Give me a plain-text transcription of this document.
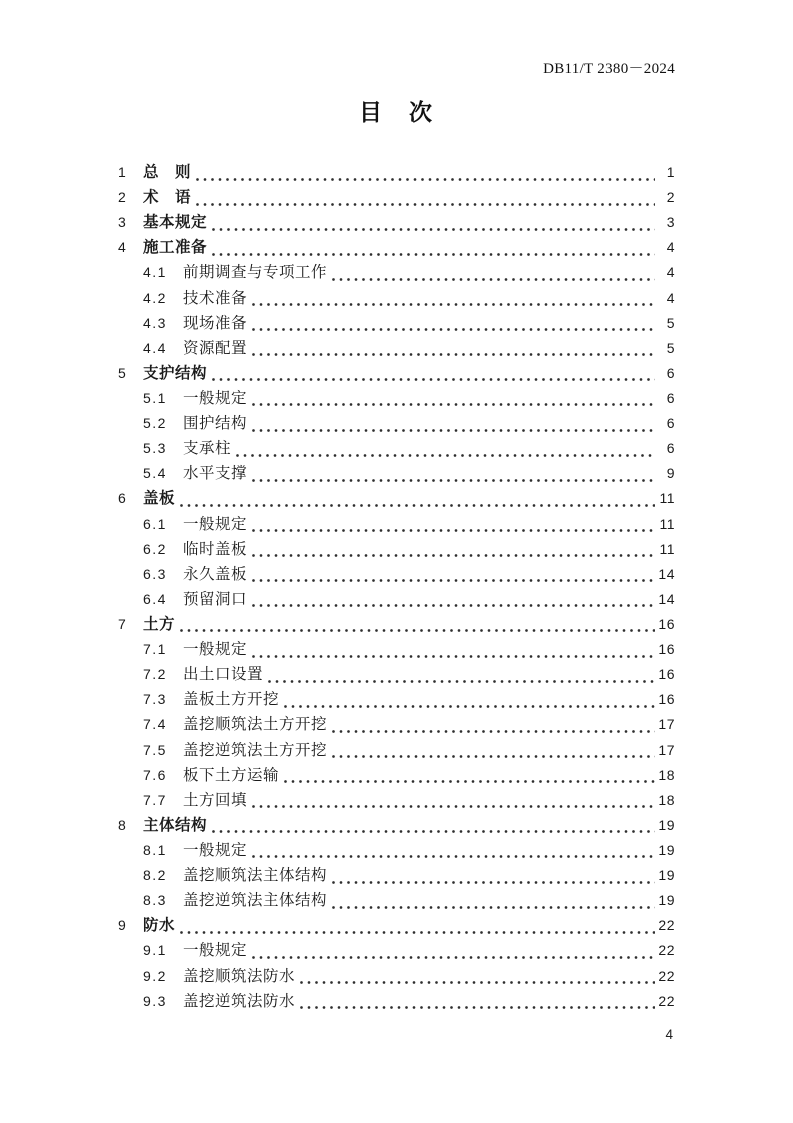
DB11/T 2380－2024
目　次
1	总　则	1
2	术　语	2
3	基本规定	3
4	施工准备	4
4.1	前期调查与专项工作	4
4.2	技术准备	4
4.3	现场准备	5
4.4	资源配置	5
5	支护结构	6
5.1	一般规定	6
5.2	围护结构	6
5.3	支承柱	6
5.4	水平支撑	9
6	盖板	11
6.1	一般规定	11
6.2	临时盖板	11
6.3	永久盖板	14
6.4	预留洞口	14
7	土方	16
7.1	一般规定	16
7.2	出土口设置	16
7.3	盖板土方开挖	16
7.4	盖挖顺筑法土方开挖	17
7.5	盖挖逆筑法土方开挖	17
7.6	板下土方运输	18
7.7	土方回填	18
8	主体结构	19
8.1	一般规定	19
8.2	盖挖顺筑法主体结构	19
8.3	盖挖逆筑法主体结构	19
9	防水	22
9.1	一般规定	22
9.2	盖挖顺筑法防水	22
9.3	盖挖逆筑法防水	22
4
